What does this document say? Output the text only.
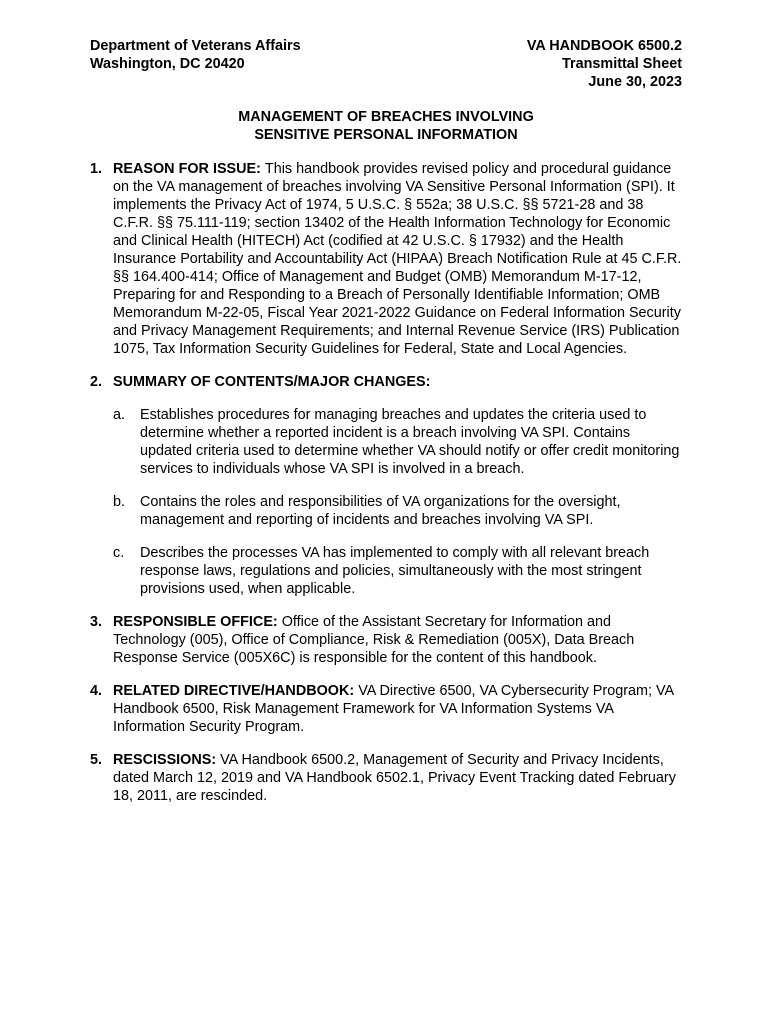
Department of Veterans Affairs
Washington, DC 20420
VA HANDBOOK 6500.2
Transmittal Sheet
June 30, 2023
MANAGEMENT OF BREACHES INVOLVING
SENSITIVE PERSONAL INFORMATION
1. REASON FOR ISSUE: This handbook provides revised policy and procedural guidance on the VA management of breaches involving VA Sensitive Personal Information (SPI). It implements the Privacy Act of 1974, 5 U.S.C. § 552a; 38 U.S.C. §§ 5721-28 and 38 C.F.R. §§ 75.111-119; section 13402 of the Health Information Technology for Economic and Clinical Health (HITECH) Act (codified at 42 U.S.C. § 17932) and the Health Insurance Portability and Accountability Act (HIPAA) Breach Notification Rule at 45 C.F.R. §§ 164.400-414; Office of Management and Budget (OMB) Memorandum M-17-12, Preparing for and Responding to a Breach of Personally Identifiable Information; OMB Memorandum M-22-05, Fiscal Year 2021-2022 Guidance on Federal Information Security and Privacy Management Requirements; and Internal Revenue Service (IRS) Publication 1075, Tax Information Security Guidelines for Federal, State and Local Agencies.
2. SUMMARY OF CONTENTS/MAJOR CHANGES:
a. Establishes procedures for managing breaches and updates the criteria used to determine whether a reported incident is a breach involving VA SPI. Contains updated criteria used to determine whether VA should notify or offer credit monitoring services to individuals whose VA SPI is involved in a breach.
b. Contains the roles and responsibilities of VA organizations for the oversight, management and reporting of incidents and breaches involving VA SPI.
c. Describes the processes VA has implemented to comply with all relevant breach response laws, regulations and policies, simultaneously with the most stringent provisions used, when applicable.
3. RESPONSIBLE OFFICE: Office of the Assistant Secretary for Information and Technology (005), Office of Compliance, Risk & Remediation (005X), Data Breach Response Service (005X6C) is responsible for the content of this handbook.
4. RELATED DIRECTIVE/HANDBOOK: VA Directive 6500, VA Cybersecurity Program; VA Handbook 6500, Risk Management Framework for VA Information Systems VA Information Security Program.
5. RESCISSIONS: VA Handbook 6500.2, Management of Security and Privacy Incidents, dated March 12, 2019 and VA Handbook 6502.1, Privacy Event Tracking dated February 18, 2011, are rescinded.
